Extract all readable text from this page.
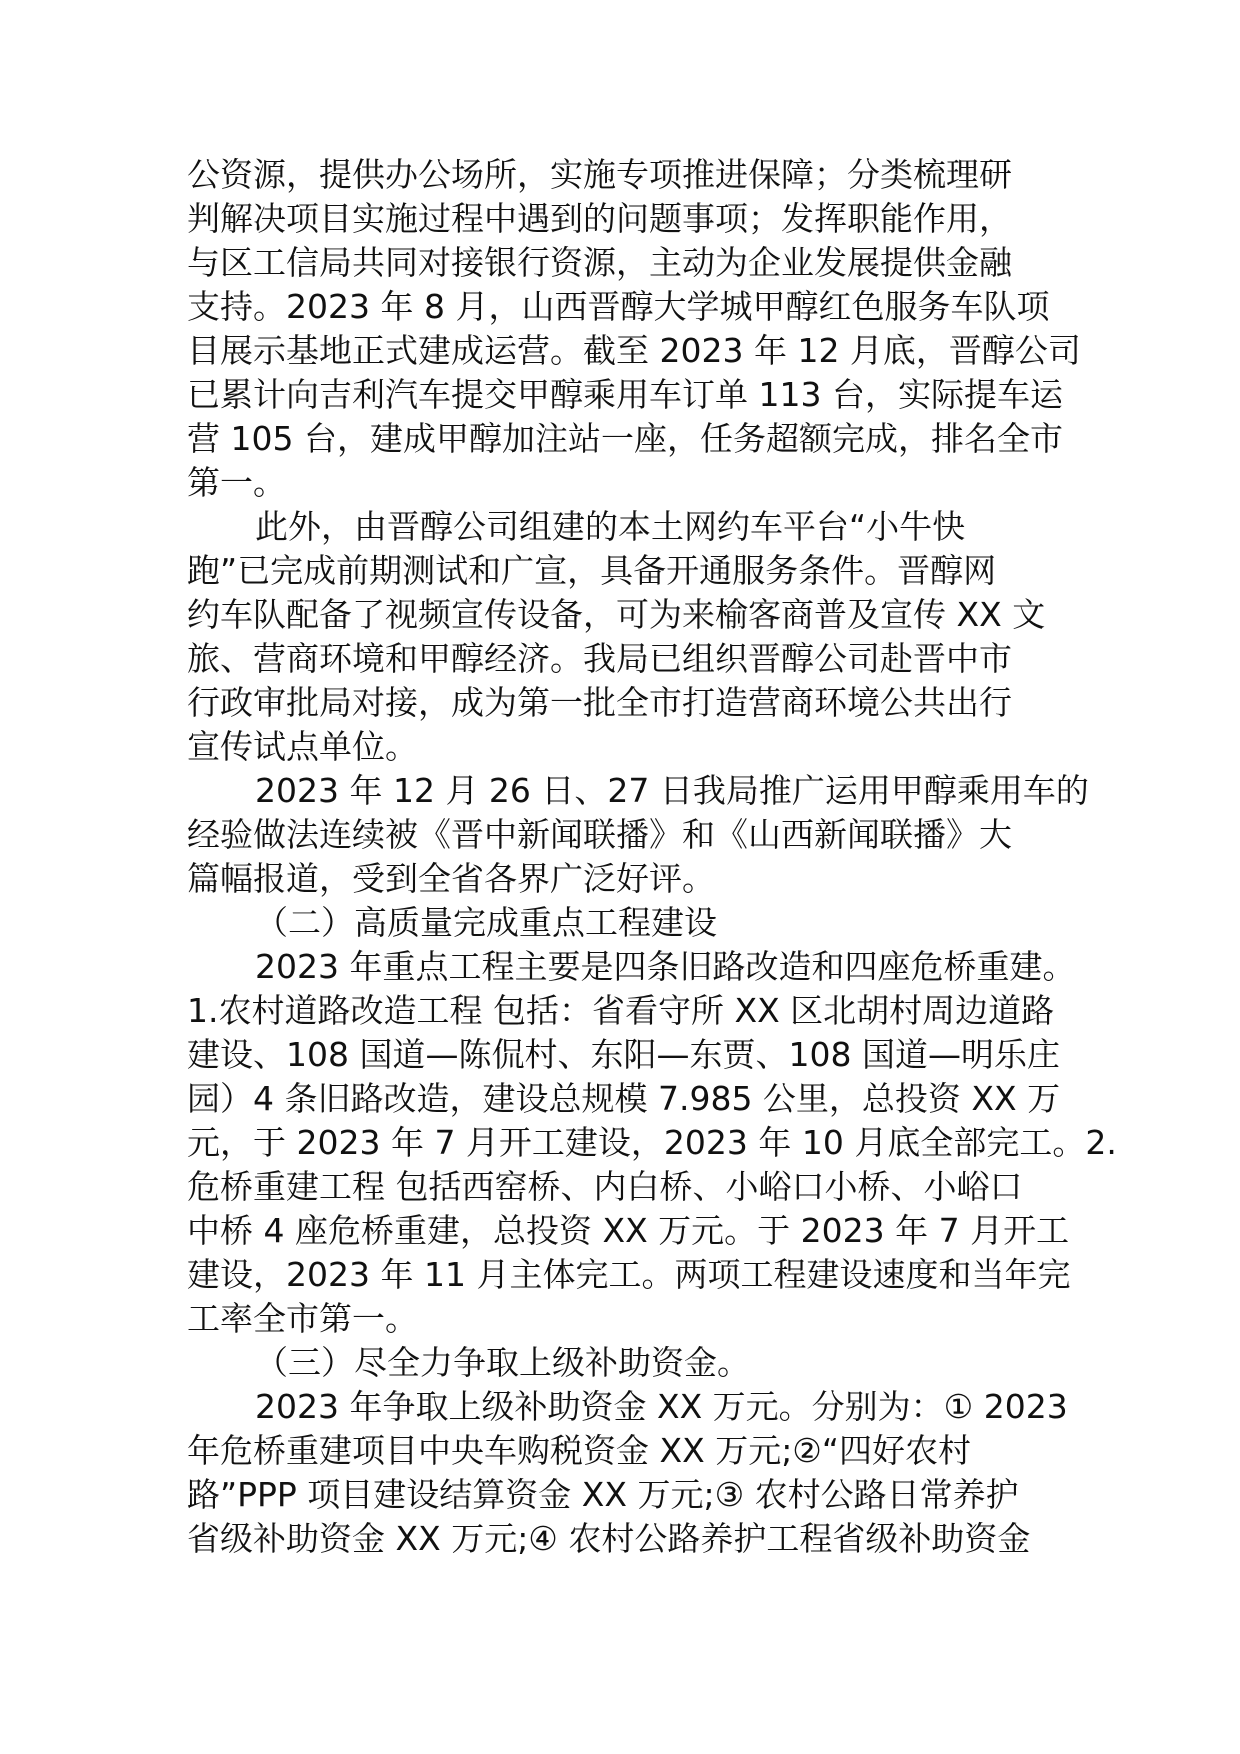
公资源，提供办公场所，实施专项推进保障；分类梳理研
判解决项目实施过程中遇到的问题事项；发挥职能作用，
与区工信局共同对接银行资源，主动为企业发展提供金融
支持。2023 年 8 月，山西晋醇大学城甲醇红色服务车队项
目展示基地正式建成运营。截至 2023 年 12 月底，晋醇公司
已累计向吉利汽车提交甲醇乘用车订单 113 台，实际提车运
营 105 台，建成甲醇加注站一座，任务超额完成，排名全市
第一。
此外，由晋醇公司组建的本土网约车平台“小牛快
跑”已完成前期测试和广宣，具备开通服务条件。晋醇网
约车队配备了视频宣传设备，可为来榆客商普及宣传 XX 文
旅、营商环境和甲醇经济。我局已组织晋醇公司赴晋中市
行政审批局对接，成为第一批全市打造营商环境公共出行
宣传试点单位。
2023 年 12 月 26 日、27 日我局推广运用甲醇乘用车的
经验做法连续被《晋中新闻联播》和《山西新闻联播》大
篇幅报道，受到全省各界广泛好评。
（二）高质量完成重点工程建设
2023 年重点工程主要是四条旧路改造和四座危桥重建。
1.农村道路改造工程 包括：省看守所 XX 区北胡村周边道路
建设、108 国道—陈侃村、东阳—东贾、108 国道—明乐庄
园）4 条旧路改造，建设总规模 7.985 公里，总投资 XX 万
元，于 2023 年 7 月开工建设，2023 年 10 月底全部完工。2.
危桥重建工程 包括西窑桥、内白桥、小峪口小桥、小峪口
中桥 4 座危桥重建，总投资 XX 万元。于 2023 年 7 月开工
建设，2023 年 11 月主体完工。两项工程建设速度和当年完
工率全市第一。
（三）尽全力争取上级补助资金。
2023 年争取上级补助资金 XX 万元。分别为：① 2023
年危桥重建项目中央车购税资金 XX 万元;②“四好农村
路”PPP 项目建设结算资金 XX 万元;③ 农村公路日常养护
省级补助资金 XX 万元;④ 农村公路养护工程省级补助资金
